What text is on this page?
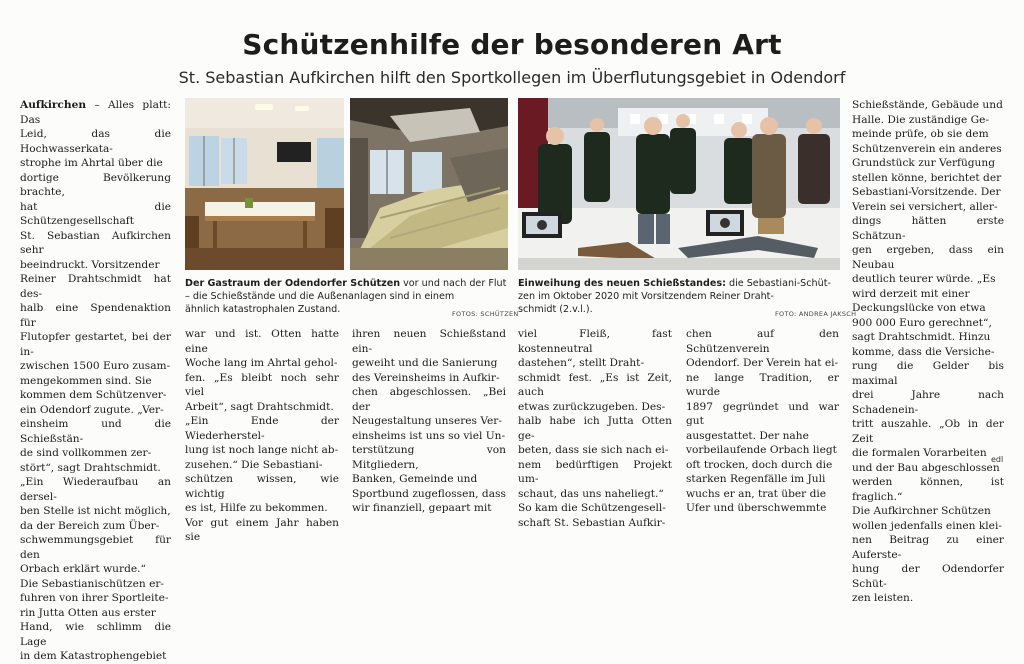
Schützenhilfe der besonderen Art
St. Sebastian Aufkirchen hilft den Sportkollegen im Überflutungsgebiet in Odendorf
Aufkirchen – Alles platt: Das
Leid, das die Hochwasserkata-
strophe im Ahrtal über die
dortige Bevölkerung brachte,
hat die Schützengesellschaft
St. Sebastian Aufkirchen sehr
beeindruckt. Vorsitzender
Reiner Drahtschmidt hat des-
halb eine Spendenaktion für
Flutopfer gestartet, bei der in-
zwischen 1500 Euro zusam-
mengekommen sind. Sie
kommen dem Schützenver-
ein Odendorf zugute. „Ver-
einsheim und die Schießstän-
de sind vollkommen zer-
stört“, sagt Drahtschmidt.
„Ein Wiederaufbau an dersel-
ben Stelle ist nicht möglich,
da der Bereich zum Über-
schwemmungsgebiet für den
Orbach erklärt wurde.“
Die Sebastianischützen er-
fuhren von ihrer Sportleite-
rin Jutta Otten aus erster
Hand, wie schlimm die Lage
in dem Katastrophengebiet
Der Gastraum der Odendorfer Schützen vor und nach der Flut
– die Schießstände und die Außenanlagen sind in einem
ähnlich katastrophalen Zustand.	FOTOS: SCHÜTZEN
Einweihung des neuen Schießstandes: die Sebastiani-Schüt-
zen im Oktober 2020 mit Vorsitzendem Reiner Draht-
schmidt (2.v.l.).	FOTO: ANDREA JAKSCH
war und ist. Otten hatte eine
Woche lang im Ahrtal gehol-
fen. „Es bleibt noch sehr viel
Arbeit“, sagt Drahtschmidt.
„Ein Ende der Wiederherstel-
lung ist noch lange nicht ab-
zusehen.“ Die Sebastiani-
schützen wissen, wie wichtig
es ist, Hilfe zu bekommen.
Vor gut einem Jahr haben sie
ihren neuen Schießstand ein-
geweiht und die Sanierung
des Vereinsheims in Aufkir-
chen abgeschlossen. „Bei der
Neugestaltung unseres Ver-
einsheims ist uns so viel Un-
terstützung von Mitgliedern,
Banken, Gemeinde und
Sportbund zugeflossen, dass
wir finanziell, gepaart mit
viel Fleiß, fast kostenneutral
dastehen“, stellt Draht-
schmidt fest. „Es ist Zeit, auch
etwas zurückzugeben. Des-
halb habe ich Jutta Otten ge-
beten, dass sie sich nach ei-
nem bedürftigen Projekt um-
schaut, das uns naheliegt.“
So kam die Schützengesell-
schaft St. Sebastian Aufkir-
chen auf den Schützenverein
Odendorf. Der Verein hat ei-
ne lange Tradition, er wurde
1897 gegründet und war gut
ausgestattet. Der nahe
vorbeilaufende Orbach liegt
oft trocken, doch durch die
starken Regenfälle im Juli
wuchs er an, trat über die
Ufer und überschwemmte
Schießstände, Gebäude und
Halle. Die zuständige Ge-
meinde prüfe, ob sie dem
Schützenverein ein anderes
Grundstück zur Verfügung
stellen könne, berichtet der
Sebastiani-Vorsitzende. Der
Verein sei versichert, aller-
dings hätten erste Schätzun-
gen ergeben, dass ein Neubau
deutlich teurer würde. „Es
wird derzeit mit einer
Deckungslücke von etwa
900 000 Euro gerechnet“,
sagt Drahtschmidt. Hinzu
komme, dass die Versiche-
rung die Gelder bis maximal
drei Jahre nach Schadenein-
tritt auszahle. „Ob in der Zeit
die formalen Vorarbeiten
und der Bau abgeschlossen
werden können, ist fraglich.“
Die Aufkirchner Schützen
wollen jedenfalls einen klei-
nen Beitrag zu einer Auferste-
hung der Odendorfer Schüt-
zen leisten.
edl
